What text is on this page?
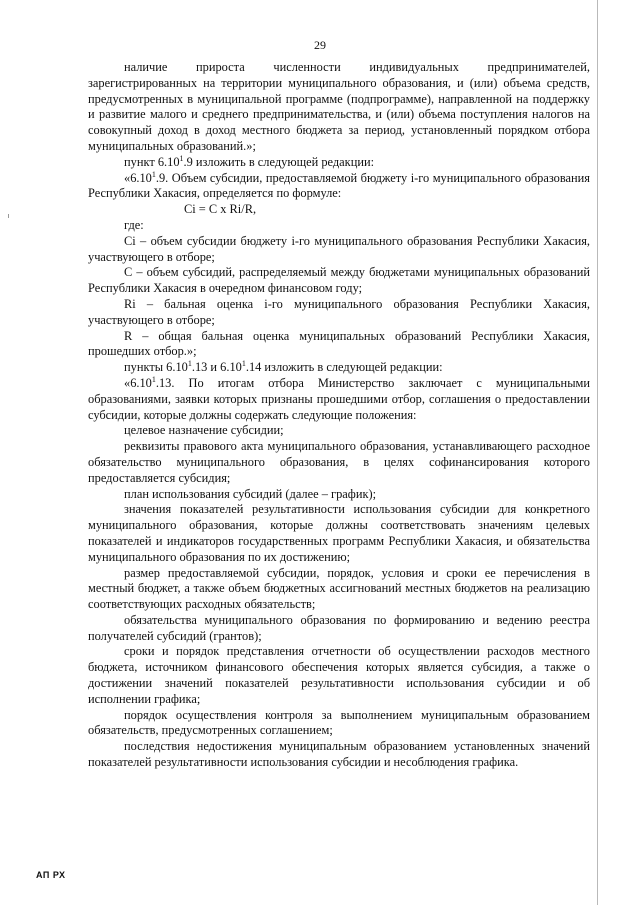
29

наличие прироста численности индивидуальных предпринимателей, зарегистрированных на территории муниципального образования, и (или) объема средств, предусмотренных в муниципальной программе (подпрограмме), направленной на поддержку и развитие малого и среднего предпринимательства, и (или) объема поступления налогов на совокупный доход в доход местного бюджета за период, установленный порядком отбора муниципальных образований.»;

пункт 6.10$^1$.9 изложить в следующей редакции:

«6.10$^1$.9. Объем субсидии, предоставляемой бюджету i-го муниципального образования Республики Хакасия, определяется по формуле:

Ci = C x Ri/R,

где:

Ci – объем субсидии бюджету i-го муниципального образования Республики Хакасия, участвующего в отборе;

С – объем субсидий, распределяемый между бюджетами муниципальных образований Республики Хакасия в очередном финансовом году;

Ri – бальная оценка i-го муниципального образования Республики Хакасия, участвующего в отборе;

R – общая бальная оценка муниципальных образований Республики Хакасия, прошедших отбор.»;

пункты 6.10$^1$.13 и 6.10$^1$.14 изложить в следующей редакции:

«6.10$^1$.13. По итогам отбора Министерство заключает с муниципальными образованиями, заявки которых признаны прошедшими отбор, соглашения о предоставлении субсидии, которые должны содержать следующие положения:

целевое назначение субсидии;

реквизиты правового акта муниципального образования, устанавливающего расходное обязательство муниципального образования, в целях софинансирования которого предоставляется субсидия;

план использования субсидий (далее – график);

значения показателей результативности использования субсидии для конкретного муниципального образования, которые должны соответствовать значениям целевых показателей и индикаторов государственных программ Республики Хакасия, и обязательства муниципального образования по их достижению;

размер предоставляемой субсидии, порядок, условия и сроки ее перечисления в местный бюджет, а также объем бюджетных ассигнований местных бюджетов на реализацию соответствующих расходных обязательств;

обязательства муниципального образования по формированию и ведению реестра получателей субсидий (грантов);

сроки и порядок представления отчетности об осуществлении расходов местного бюджета, источником финансового обеспечения которых является субсидия, а также о достижении значений показателей результативности использования субсидии и об исполнении графика;

порядок осуществления контроля за выполнением муниципальным образованием обязательств, предусмотренных соглашением;

последствия недостижения муниципальным образованием установленных значений показателей результативности использования субсидии и несоблюдения графика.

АП РХ
